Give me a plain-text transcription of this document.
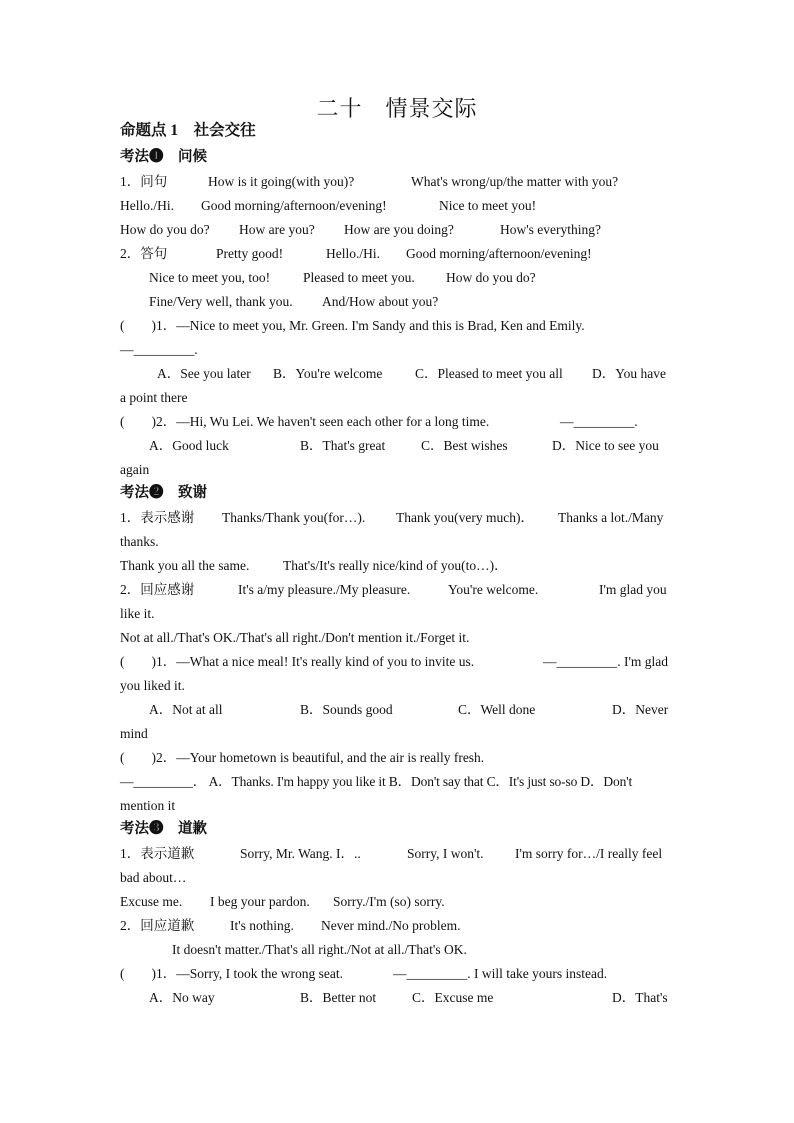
二十　情景交际
命题点 1　社会交往
考法❶　问候
1．问句	How is it going(with you)?	What's wrong/up/the matter with you?
Hello./Hi. Good morning/afternoon/evening!	Nice to meet you!
How do you do? How are you? How are you doing?	How's everything?
2．答句	Pretty good!	Hello./Hi. Good morning/afternoon/evening!
Nice to meet you, too! Pleased to meet you. How do you do?
Fine/Very well, thank you. And/How about you?
(　　)1．—Nice to meet you, Mr. Green. I'm Sandy and this is Brad, Ken and Emily.
—_________.
A．See you later B．You're welcome C．Pleased to meet you all D．You have
a point there
(　　)2．—Hi, Wu Lei. We haven't seen each other for a long time.	—_________.
A．Good luck	B．That's great	C．Best wishes	D．Nice to see you
again
考法❷　致谢
1．表示感谢 Thanks/Thank you(for…). Thank you(very much)． Thanks a lot./Many
thanks.
Thank you all the same. That's/It's really nice/kind of you(to…)．
2．回应感谢	It's a/my pleasure./My pleasure.	You're welcome.	I'm glad you
like it.
Not at all./That's OK./That's all right./Don't mention it./Forget it.
(　　)1．—What a nice meal! It's really kind of you to invite us.	—_________. I'm glad
you liked it.
A．Not at all	B．Sounds good	C．Well done	D．Never
mind
(　　)2．—Your hometown is beautiful, and the air is really fresh.
—_________． A．Thanks. I'm happy you like it B．Don't say that C．It's just so-so D．Don't
mention it
考法❸　道歉
1．表示道歉	Sorry, Mr. Wang. I．..	Sorry, I won't. I'm sorry for…/I really feel
bad about…
Excuse me. I beg your pardon. Sorry./I'm (so) sorry.
2．回应道歉	It's nothing. Never mind./No problem.
It doesn't matter./That's all right./Not at all./That's OK.
(　　)1．—Sorry, I took the wrong seat.	—_________. I will take yours instead.
A．No way	B．Better not	C．Excuse me	D．That's
